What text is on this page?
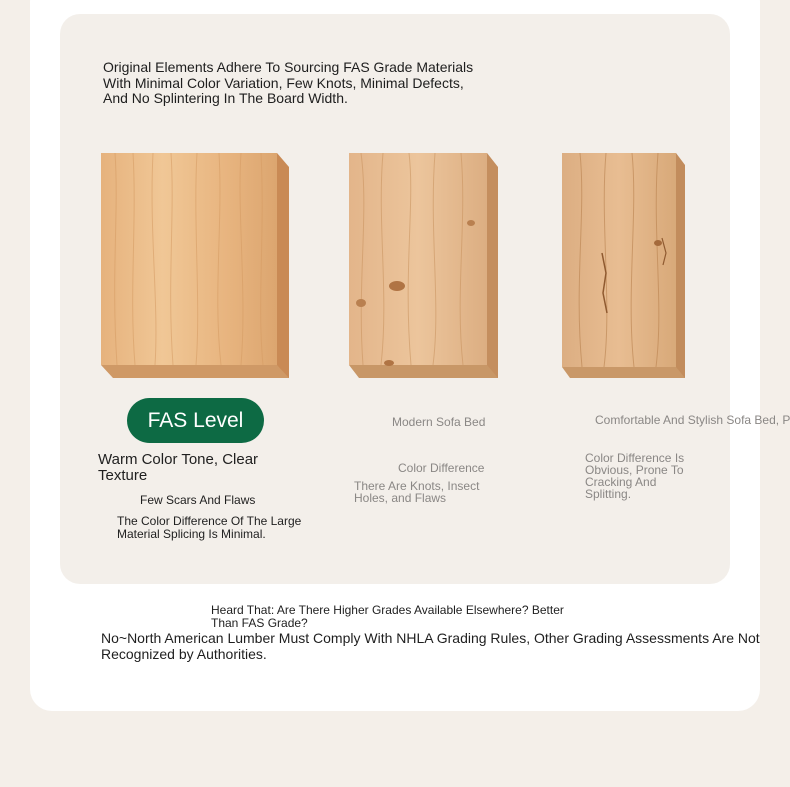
Original Elements Adhere To Sourcing FAS Grade Materials With Minimal Color Variation, Few Knots, Minimal Defects, And No Splintering In The Board Width.
FAS Level
Warm Color Tone, Clear Texture
Few Scars And Flaws
The Color Difference Of The Large Material Splicing Is Minimal.
Modern Sofa Bed
Color Difference
There Are Knots, Insect Holes, and Flaws
Comfortable And Stylish Sofa Bed, P
Color Difference Is Obvious, Prone To Cracking And Splitting.
Heard That: Are There Higher Grades Available Elsewhere? Better Than FAS Grade?
No~North American Lumber Must Comply With NHLA Grading Rules, Other Grading Assessments Are Not Recognized by Authorities.
